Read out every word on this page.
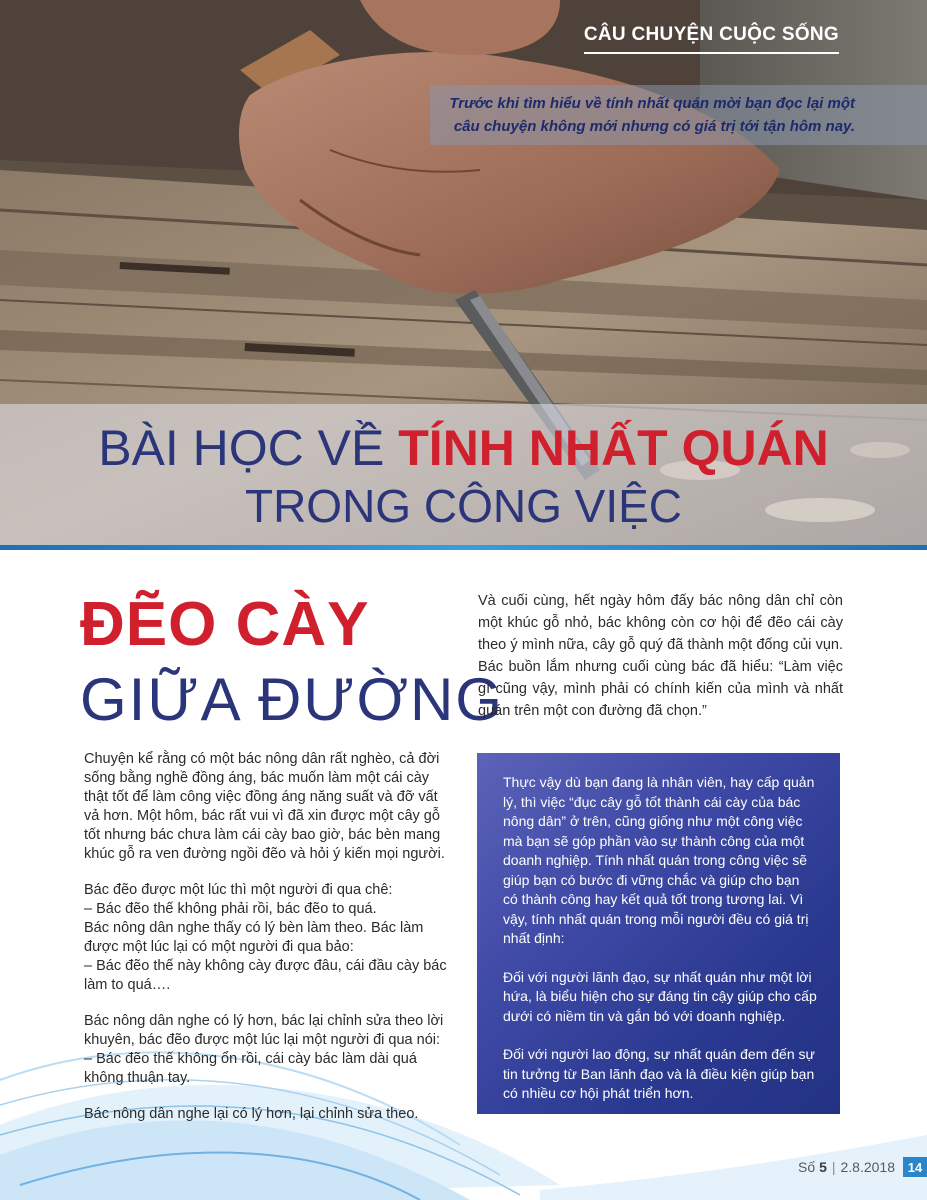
CÂU CHUYỆN CUỘC SỐNG
Trước khi tìm hiểu về tính nhất quán mời bạn đọc lại một
câu chuyện không mới nhưng có giá trị tới tận hôm nay.
BÀI HỌC VỀ TÍNH NHẤT QUÁN
TRONG CÔNG VIỆC
ĐẼO CÀY
GIỮA ĐƯỜNG

Chuyện kể rằng có một bác nông dân rất nghèo, cả đời sống bằng nghề đồng áng, bác muốn làm một cái cày thật tốt để làm công việc đồng áng năng suất và đỡ vất vả hơn. Một hôm, bác rất vui vì đã xin được một cây gỗ tốt nhưng bác chưa làm cái cày bao giờ, bác bèn mang khúc gỗ ra ven đường ngồi đẽo và hỏi ý kiến mọi người.

Bác đẽo được một lúc thì một người đi qua chê:
– Bác đẽo thế không phải rồi, bác đẽo to quá.
Bác nông dân nghe thấy có lý bèn làm theo. Bác làm được một lúc lại có một người đi qua bảo:
– Bác đẽo thế này không cày được đâu, cái đầu cày bác làm to quá….

Bác nông dân nghe có lý hơn, bác lại chỉnh sửa theo lời khuyên, bác đẽo được một lúc lại một người đi qua nói:
– Bác đẽo thế không ổn rồi, cái cày bác làm dài quá không thuận tay.

Bác nông dân nghe lại có lý hơn, lại chỉnh sửa theo.

Và cuối cùng, hết ngày hôm đấy bác nông dân chỉ còn một khúc gỗ nhỏ, bác không còn cơ hội để đẽo cái cày theo ý mình nữa, cây gỗ quý đã thành một đống củi vụn. Bác buồn lắm nhưng cuối cùng bác đã hiểu: “Làm việc gì cũng vậy, mình phải có chính kiến của mình và nhất quán trên một con đường đã chọn.”

Thực vậy dù bạn đang là nhân viên, hay cấp quản lý, thì việc “đục cây gỗ tốt thành cái cày của bác nông dân” ở trên, cũng giống như một công việc mà bạn sẽ góp phần vào sự thành công của một doanh nghiệp. Tính nhất quán trong công việc sẽ giúp bạn có bước đi vững chắc và giúp cho bạn có thành công hay kết quả tốt trong tương lai. Vì vậy, tính nhất quán trong mỗi người đều có giá trị nhất định:

Đối với người lãnh đạo, sự nhất quán như một lời hứa, là biểu hiện cho sự đáng tin cậy giúp cho cấp dưới có niềm tin và gắn bó với doanh nghiệp.

Đối với người lao động, sự nhất quán đem đến sự tin tưởng từ Ban lãnh đạo và là điều kiện giúp bạn có nhiều cơ hội phát triển hơn.

Số 5 | 2.8.2018 14
